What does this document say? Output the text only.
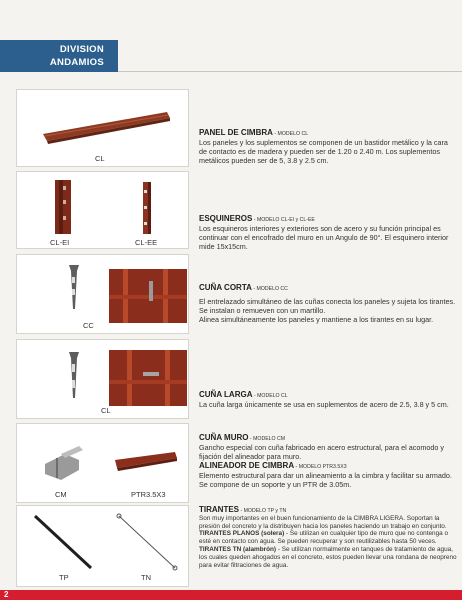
DIVISION
ANDAMIOS
CL

PANEL DE CIMBRA - MODELO CL

Los paneles y los suplementos se componen de un bastidor metálico y la cara de contacto es de madera y pueden ser de 1.20 o 2.40 m. Los suplementos metálicos pueden ser de 5, 3.8 y 2.5 cm.

CL-EI	CL-EE

ESQUINEROS - MODELO CL-EI y CL-EE

Los esquineros interiores y exteriores son de acero y su función principal es continuar con el encofrado del muro en un Angulo de 90°. El esquinero interior mide 15x15cm.

CC

CUÑA CORTA - MODELO CC

El entrelazado simultáneo de las cuñas conecta los paneles y sujeta los tirantes. Se instalan o remueven con un martillo.

Alinea simultáneamente los paneles y mantiene a los tirantes en su lugar.

CL

CUÑA LARGA - MODELO CL

La cuña larga únicamente se usa en suplementos de acero de 2.5, 3.8 y 5 cm.

CM	PTR3.5X3

CUÑA MURO - MODELO CM

Gancho especial con cuña fabricado en acero estructural, para el acomodo y fijación del alineador para muro.

ALINEADOR DE CIMBRA - MODELO PTR3.5X3

Elemento estructural para dar un alineamiento a la cimbra y facilitar su armado. Se compone de un soporte y un PTR de 3.05m.

TP	TN

TIRANTES - MODELO TP y TN

Son muy importantes en el buen funcionamiento de la CIMBRA LIGERA. Soportan la presión del concreto y la distribuyen hacia los paneles haciendo un trabajo en conjunto.

TIRANTES PLANOS (solera) - Se utilizan en cualquier tipo de muro que no contenga o esté en contacto con agua. Se pueden recuperar y son reutilizables hasta 50 veces.

TIRANTES TN (alambrón) - Se utilizan normalmente en tanques de tratamiento de agua, los cuales queden ahogados en el concreto, estos pueden llevar una rondana de neopreno para evitar filtraciones de agua.

2
